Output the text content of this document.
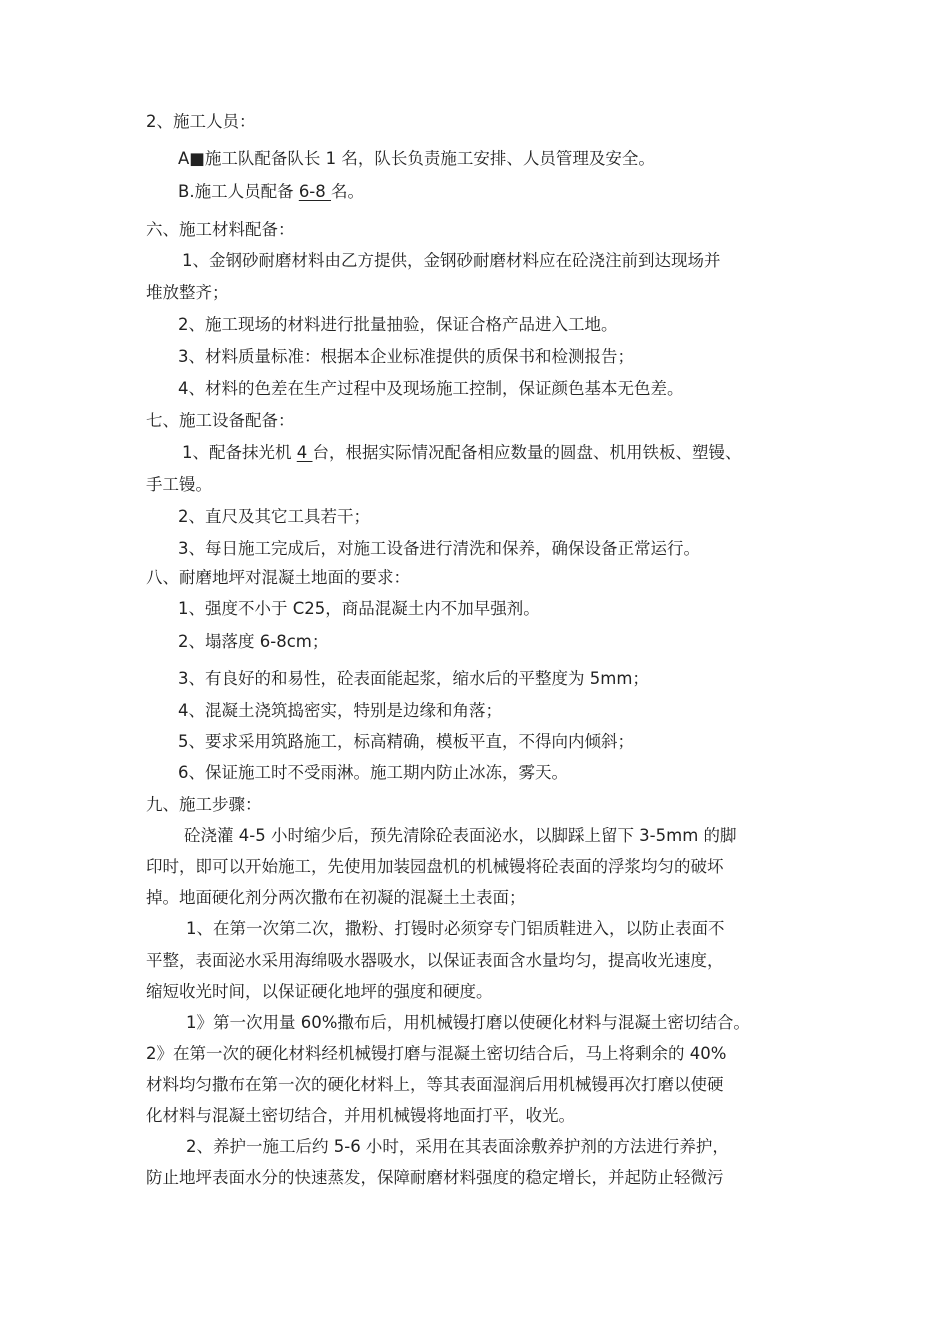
2、施工人员：
A■施工队配备队长 1 名，队长负责施工安排、人员管理及安全。
B.施工人员配备 6-8 名。
六、施工材料配备：
1、金钢砂耐磨材料由乙方提供，金钢砂耐磨材料应在砼浇注前到达现场并
堆放整齐；
2、施工现场的材料进行批量抽验，保证合格产品进入工地。
3、材料质量标准：根据本企业标准提供的质保书和检测报告；
4、材料的色差在生产过程中及现场施工控制，保证颜色基本无色差。
七、施工设备配备：
1、配备抹光机 4 台，根据实际情况配备相应数量的圆盘、机用铁板、塑镘、
手工镘。
2、直尺及其它工具若干；
3、每日施工完成后，对施工设备进行清洗和保养，确保设备正常运行。
八、耐磨地坪对混凝土地面的要求：
1、强度不小于 C25，商品混凝土内不加早强剂。
2、塌落度 6-8cm；
3、有良好的和易性，砼表面能起浆，缩水后的平整度为 5mm；
4、混凝土浇筑捣密实，特别是边缘和角落；
5、要求采用筑路施工，标高精确，模板平直，不得向内倾斜；
6、保证施工时不受雨淋。施工期内防止冰冻，雾天。
九、施工步骤：
砼浇灌 4-5 小时缩少后，预先清除砼表面泌水，以脚踩上留下 3-5mm 的脚
印时，即可以开始施工，先使用加装园盘机的机械镘将砼表面的浮浆均匀的破坏
掉。地面硬化剂分两次撒布在初凝的混凝土土表面；
1、在第一次第二次，撒粉、打镘时必须穿专门铝质鞋进入，以防止表面不
平整，表面泌水采用海绵吸水器吸水，以保证表面含水量均匀，提高收光速度，
缩短收光时间，以保证硬化地坪的强度和硬度。
1》第一次用量 60%撒布后，用机械镘打磨以使硬化材料与混凝土密切结合。
2》在第一次的硬化材料经机械镘打磨与混凝土密切结合后，马上将剩余的 40%
材料均匀撒布在第一次的硬化材料上，等其表面湿润后用机械镘再次打磨以使硬
化材料与混凝土密切结合，并用机械镘将地面打平，收光。
2、养护一施工后约 5-6 小时，采用在其表面涂敷养护剂的方法进行养护，
防止地坪表面水分的快速蒸发，保障耐磨材料强度的稳定增长，并起防止轻微污
